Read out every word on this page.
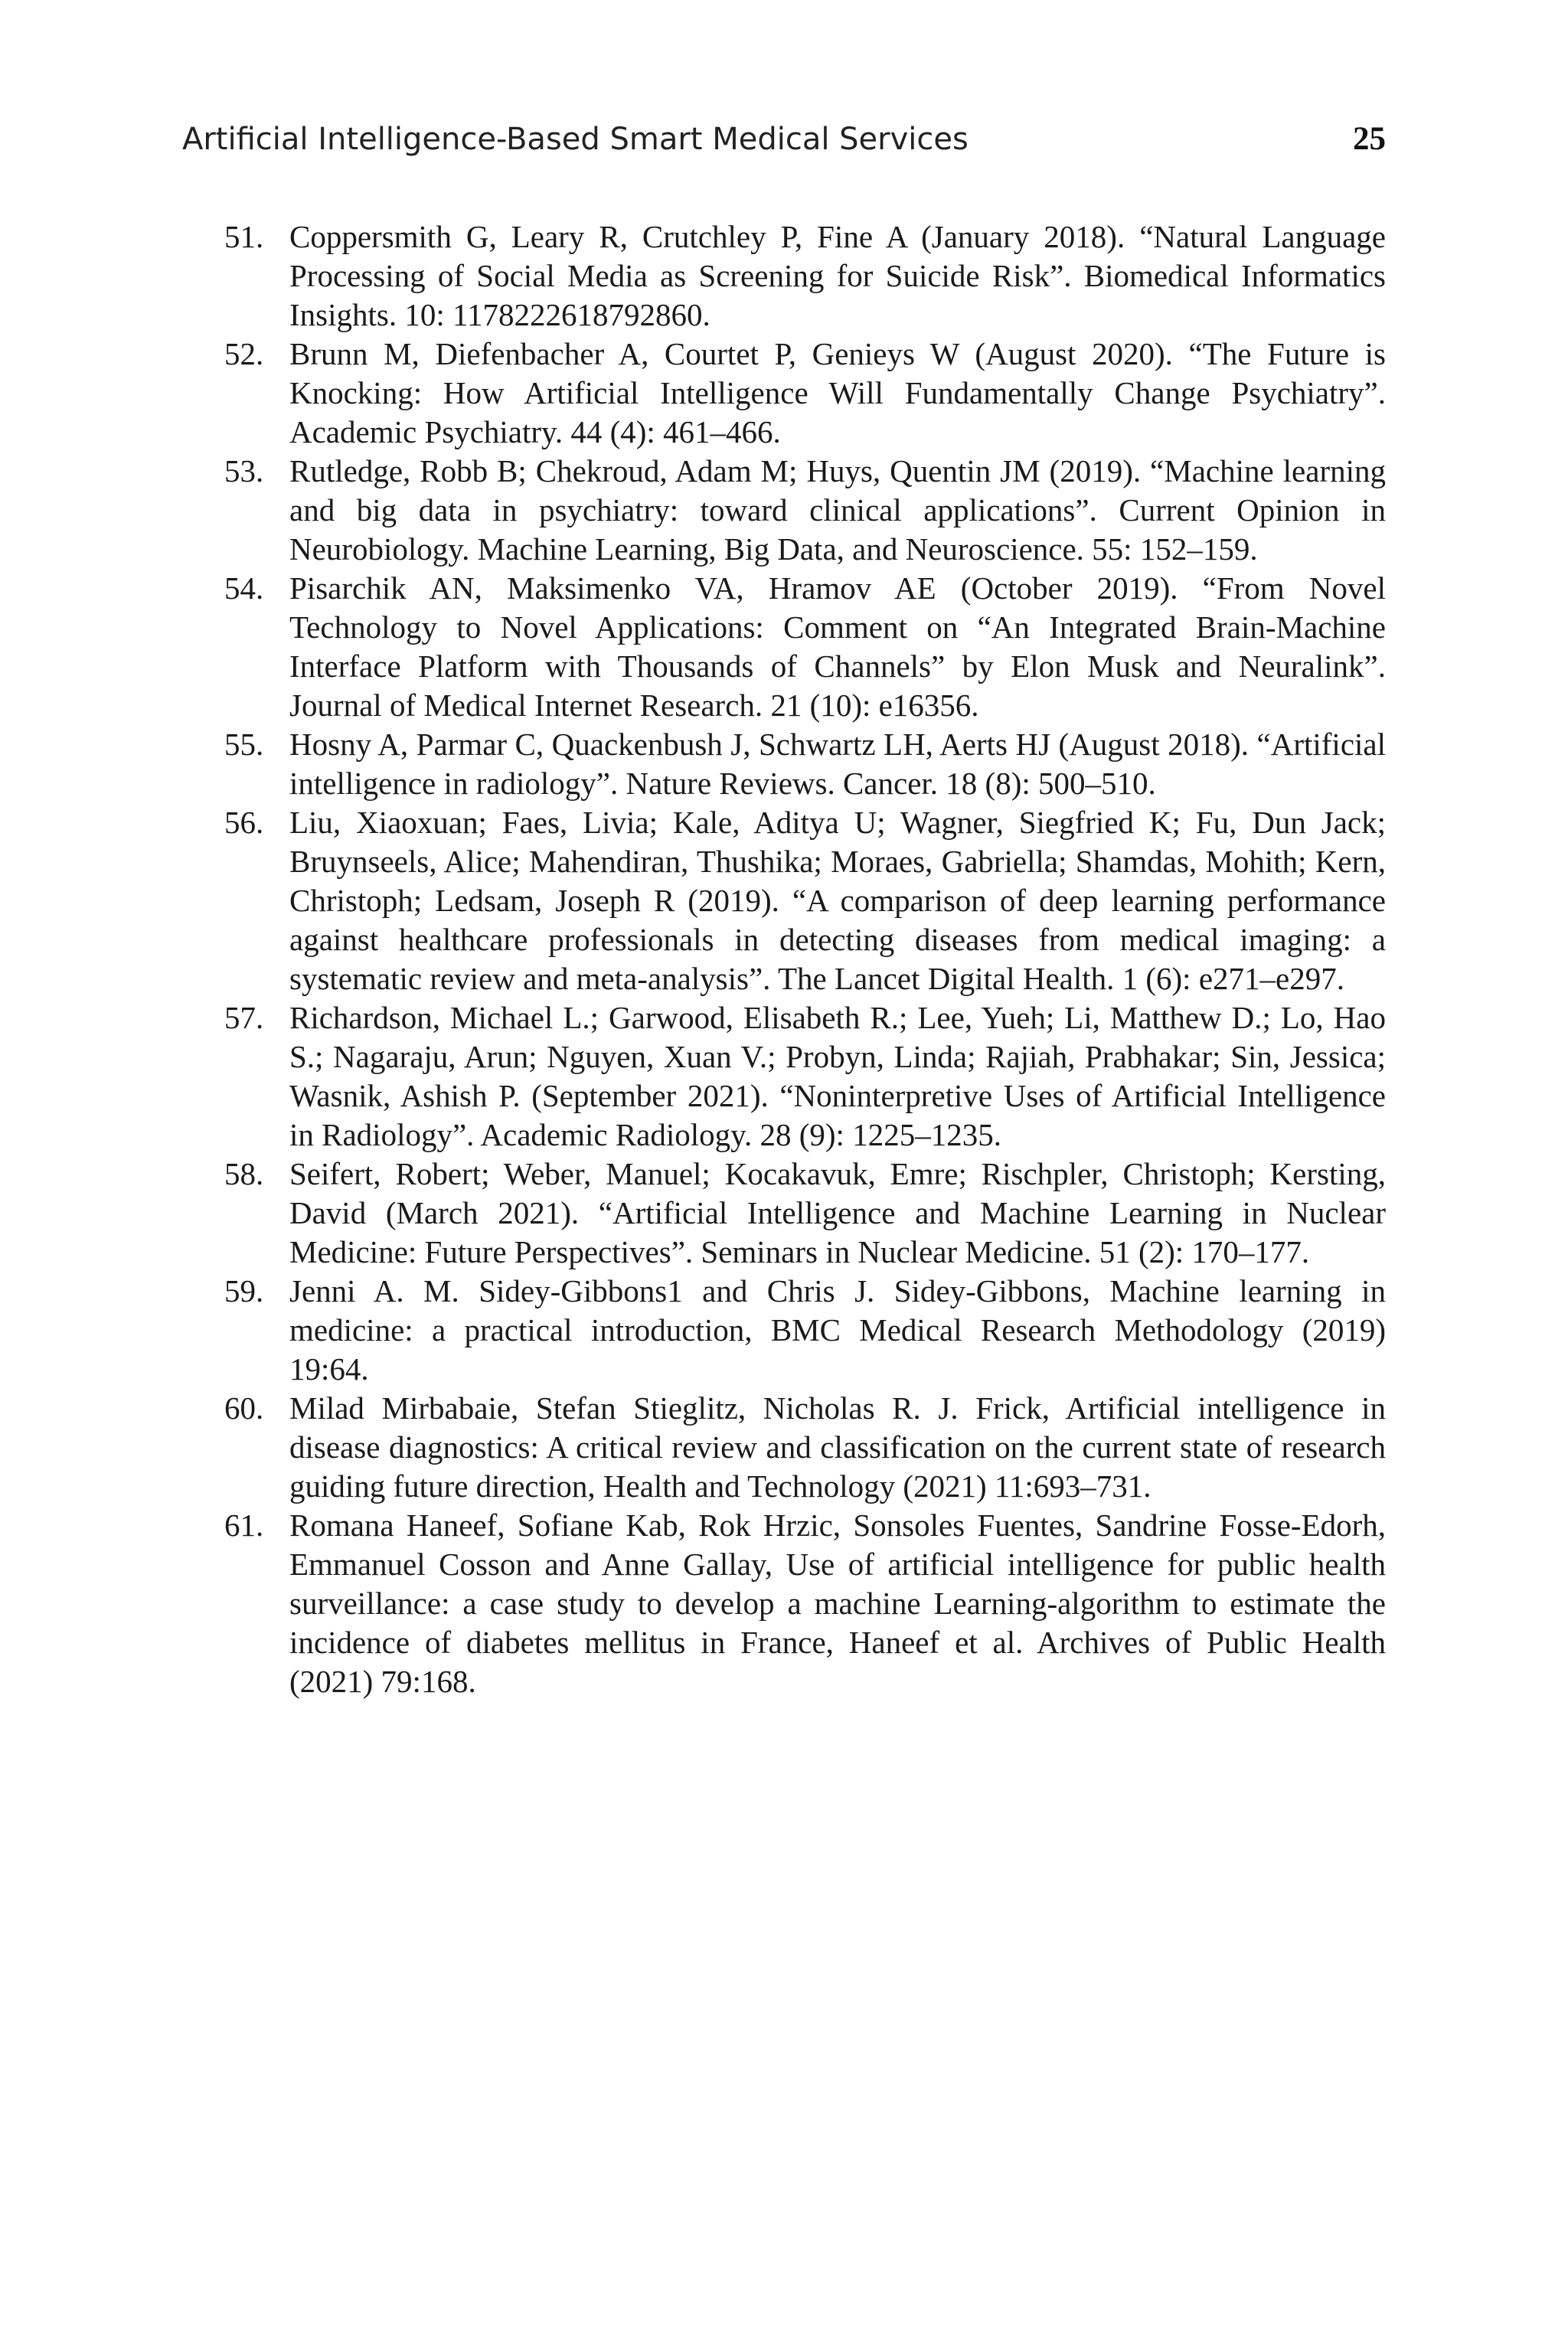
Artificial Intelligence-Based Smart Medical Services	25
51. Coppersmith G, Leary R, Crutchley P, Fine A (January 2018). “Natural Language Processing of Social Media as Screening for Suicide Risk”. Biomedical Informatics Insights. 10: 1178222618792860.
52. Brunn M, Diefenbacher A, Courtet P, Genieys W (August 2020). “The Future is Knocking: How Artificial Intelligence Will Fundamentally Change Psychiatry”. Academic Psychiatry. 44 (4): 461–466.
53. Rutledge, Robb B; Chekroud, Adam M; Huys, Quentin JM (2019). “Machine learning and big data in psychiatry: toward clinical applications”. Current Opinion in Neurobiology. Machine Learning, Big Data, and Neuroscience. 55: 152–159.
54. Pisarchik AN, Maksimenko VA, Hramov AE (October 2019). “From Novel Technology to Novel Applications: Comment on “An Integrated Brain-Machine Interface Platform with Thousands of Channels” by Elon Musk and Neuralink”. Journal of Medical Internet Research. 21 (10): e16356.
55. Hosny A, Parmar C, Quackenbush J, Schwartz LH, Aerts HJ (August 2018). “Artificial intelligence in radiology”. Nature Reviews. Cancer. 18 (8): 500–510.
56. Liu, Xiaoxuan; Faes, Livia; Kale, Aditya U; Wagner, Siegfried K; Fu, Dun Jack; Bruynseels, Alice; Mahendiran, Thushika; Moraes, Gabriella; Shamdas, Mohith; Kern, Christoph; Ledsam, Joseph R (2019). “A comparison of deep learning performance against healthcare professionals in detecting diseases from medical imaging: a systematic review and meta-analysis”. The Lancet Digital Health. 1 (6): e271–e297.
57. Richardson, Michael L.; Garwood, Elisabeth R.; Lee, Yueh; Li, Matthew D.; Lo, Hao S.; Nagaraju, Arun; Nguyen, Xuan V.; Probyn, Linda; Rajiah, Prabhakar; Sin, Jessica; Wasnik, Ashish P. (September 2021). “Noninterpretive Uses of Artificial Intelligence in Radiology”. Academic Radiology. 28 (9): 1225–1235.
58. Seifert, Robert; Weber, Manuel; Kocakavuk, Emre; Rischpler, Christoph; Kersting, David (March 2021). “Artificial Intelligence and Machine Learning in Nuclear Medicine: Future Perspectives”. Seminars in Nuclear Medicine. 51 (2): 170–177.
59. Jenni A. M. Sidey-Gibbons1 and Chris J. Sidey-Gibbons, Machine learning in medicine: a practical introduction, BMC Medical Research Methodology (2019) 19:64.
60. Milad Mirbabaie, Stefan Stieglitz, Nicholas R. J. Frick, Artificial intelligence in disease diagnostics: A critical review and classification on the current state of research guiding future direction, Health and Technology (2021) 11:693–731.
61. Romana Haneef, Sofiane Kab, Rok Hrzic, Sonsoles Fuentes, Sandrine Fosse-Edorh, Emmanuel Cosson and Anne Gallay, Use of artificial intelligence for public health surveillance: a case study to develop a machine Learning-algorithm to estimate the incidence of diabetes mellitus in France, Haneef et al. Archives of Public Health (2021) 79:168.
